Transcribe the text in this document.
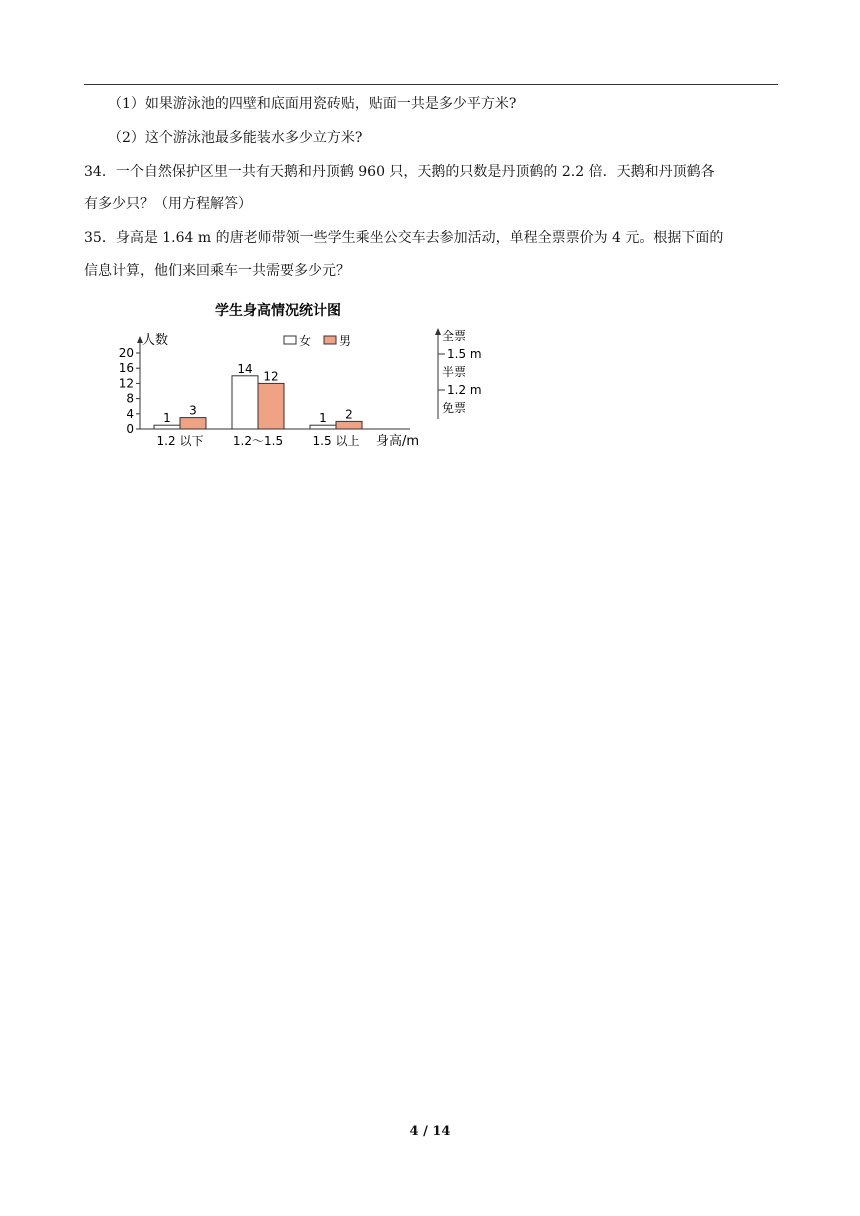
（1）如果游泳池的四壁和底面用瓷砖贴，贴面一共是多少平方米?
（2）这个游泳池最多能装水多少立方米?
34．一个自然保护区里一共有天鹅和丹顶鹤 960 只，天鹅的只数是丹顶鹤的 2.2 倍．天鹅和丹顶鹤各
有多少只？（用方程解答）
35．身高是 1.64 m 的唐老师带领一些学生乘坐公交车去参加活动，单程全票票价为 4 元。根据下面的
信息计算，他们来回乘车一共需要多少元？
学生身高情况统计图
人数	女 男
0
4
8
12
16
20
1
3
1.2 以下
14
12
1.2～1.5
1 2
1.5 以上 身高/m
全票
1.5 m
半票
1.2 m
免票
4 / 14
